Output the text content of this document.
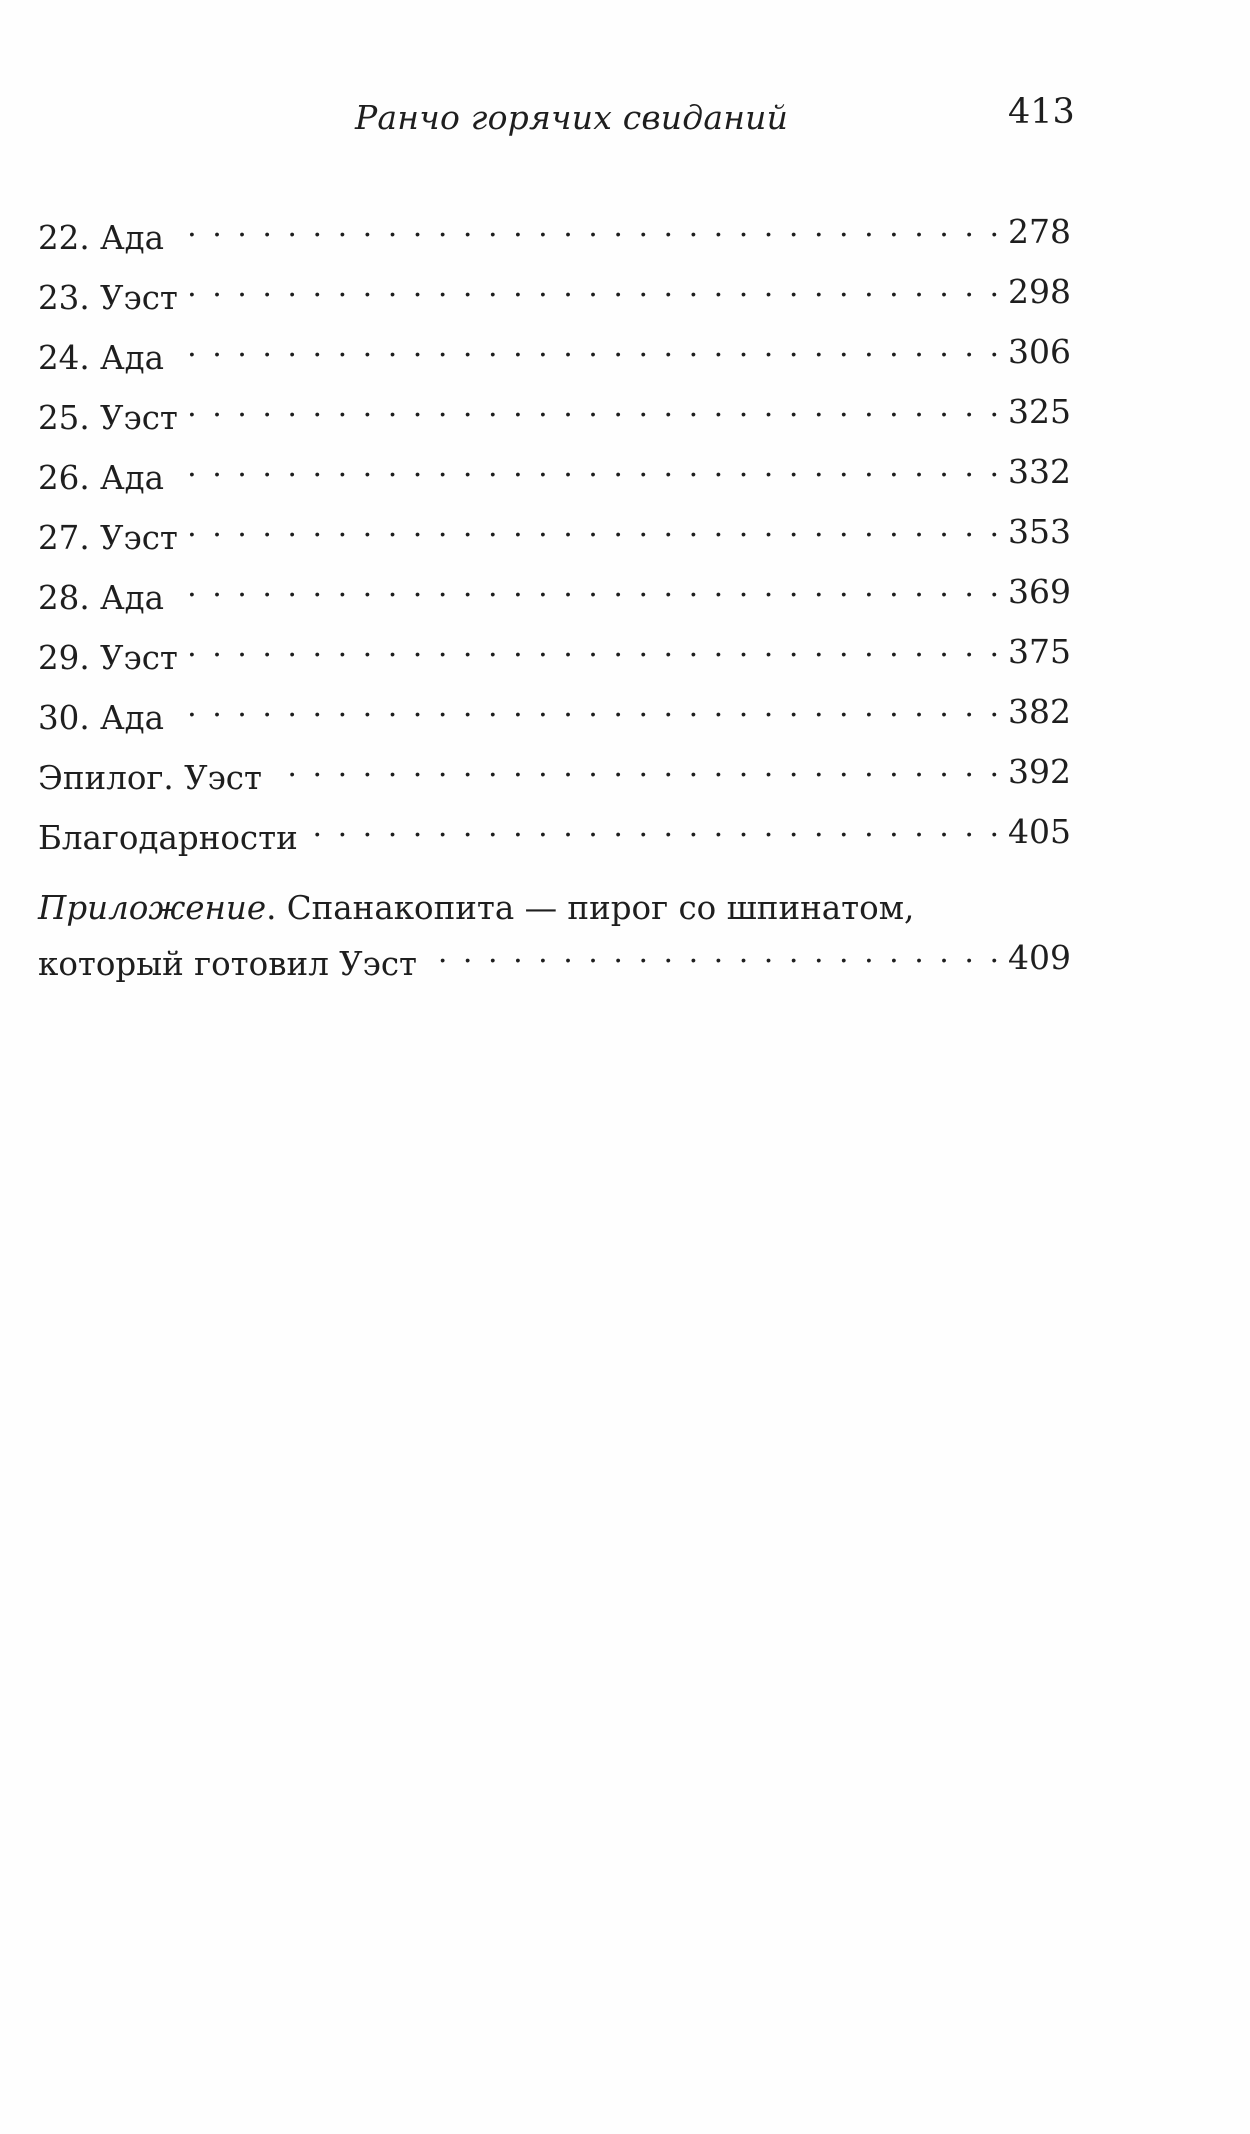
Ранчо горячих свиданий	413
22. Ада . . .	278
23. Уэст . . .	298
24. Ада . . .	306
25. Уэст . . .	325
26. Ада . . .	332
27. Уэст . . .	353
28. Ада . . .	369
29. Уэст . . .	375
30. Ада . . .	382
Эпилог. Уэст . . .	392
Благодарности . . .	405
Приложение. Спанакопита — пирог со шпинатом,
который готовил Уэст . . .	409
